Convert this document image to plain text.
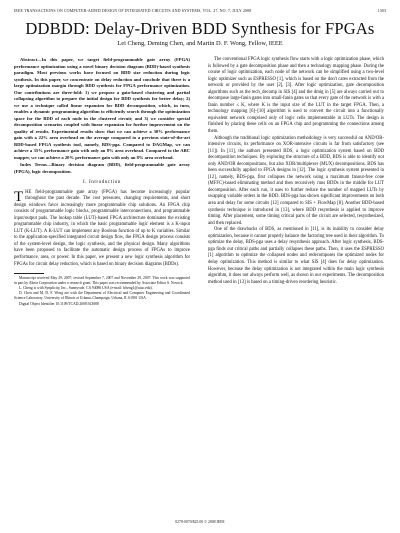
IEEE TRANSACTIONS ON COMPUTER-AIDED DESIGN OF INTEGRATED CIRCUITS AND SYSTEMS, VOL. 27, NO. 7, JULY 2008	1303
DDBDD: Delay-Driven BDD Synthesis for FPGAs
Lei Cheng, Deming Chen, and Martin D. F. Wong, Fellow, IEEE

Abstract—In this paper, we target field-programmable gate array (FPGA) performance optimization using a novel binary decision diagram (BDD)-based synthesis paradigm. Most previous works have focused on BDD size reduction during logic synthesis. In this paper, we concentrate on delay reduction and conclude that there is a large optimization margin through BDD synthesis for FPGA performance optimization. Our contributions are three-fold: 1) we propose a gain-based clustering and partial collapsing algorithm to prepare the initial design for BDD synthesis for better delay; 2) we use a technique called linear expansion for BDD decomposition, which, in turn, enables a dynamic programming algorithm to efficiently search through the optimization space for the BDD of each node in the clustered circuit; and 3) we consider special decomposition scenarios coupled with linear expansion for further improvement on the quality of results. Experimental results show that we can achieve a 30% performance gain with a 22% area overhead on the average compared to a previous state-of-the-art BDD-based FPGA synthesis tool, namely, BDS-pga. Compared to DAGMap, we can achieve a 35% performance gain with only an 8% area overhead. Compared to the ABC mapper, we can achieve a 20% performance gain with only an 8% area overhead.

Index Terms—Binary decision diagram (BDD), field-programmable gate array (FPGA), logic decomposition.

I. Introduction

T HE field-programmable gate array (FPGA) has become increasingly popular throughout the past decade. The cost pressures, changing requirements, and short design windows favor increasingly more programmable chip solutions. An FPGA chip consists of programmable logic blocks, programmable interconnections, and programmable input/output pads. The lookup table (LUT)-based FPGA architecture dominates the existing programmable chip industry, in which the basic programmable logic element is a K-input LUT (K-LUT). A K-LUT can implement any Boolean function of up to K variables. Similar to the application-specified integrated circuit design flow, the FPGA design process consists of the system-level design, the logic synthesis, and the physical design. Many algorithms have been proposed to facilitate the automatic design process of FPGAs to improve performance, area, or power. In this paper, we present a new logic synthesis algorithm for FPGAs for circuit delay reduction, which is based on binary decision diagrams (BDDs).

Manuscript received May 29, 2007; revised September 7, 2007 and November 29, 2007. This work was supported in part by Altera Corporation under a research grant. This paper was recommended by Associate Editor S. Nowick.

L. Cheng is with Synplicity, Inc., Sunnyvale, CA 94086 USA (e-mail: lcheng1@uiuc.edu).

D. Chen and M. D. F. Wong are with the Department of Electrical and Computer Engineering and Coordinated Science Laboratory, University of Illinois at Urbana–Champaign, Urbana, IL 61801 USA.

Digital Object Identifier 10.1109/TCAD.2008.923088

The conventional FPGA logic synthesis flow starts with a logic optimization phase, which is followed by a gate decomposition phase and then a technology mapping phase. During the course of logic optimization, each node of the network can be simplified using a two-level logic optimizer such as ESPRESSO [1], which is based on the don't cares extracted from the network or provided by the user [2], [3]. After logic optimization, gate decomposition algorithms such as the tech_decomp in SIS [4] and the dmig in [5] are always carried out to decompose large-fanin gates into small-fanin gates so that every gate of the network is with a fanin number ≤ K, where K is the input size of the LUT in the target FPGA. Then, a technology mapping [6]–[10] algorithm is used to convert the circuit into a functionally equivalent network comprised only of logic cells implementable in LUTs. The design is finished by placing these cells on an FPGA chip and programming the connections among them.

Although the traditional logic optimization methodology is very successful on AND/OR-intensive circuits, its performance on XOR-intensive circuits is far from satisfactory (see [11]). In [11], the authors presented BDS, a logic optimization system based on BDD decomposition techniques. By exploring the structure of a BDD, BDS is able to identify not only AND/OR decompositions, but also XOR/multiplexer (MUX) decompositions. BDS has been successfully applied to FPGA designs in [12]. The logic synthesis system presented in [12], namely, BDS-pga, first collapses the network using a maximum fanout-free cone (MFFC)-based eliminating method and then recursively runs BDDs in the middle for LUT decomposition. After each run, it uses to further reduce the number of mapped LUTs by swapping variable orders in the BDD. BDS-pga has shown significant improvements on both area and delay for some circuits [12] compared to SIS + FlowMap [8]. Another BDD-based synthesis technique is introduced in [13], where BDD resynthesis is applied to improve timing. After placement, some timing critical parts of the circuit are selected, resynthesized, and then replaced.

One of the drawbacks of BDS, as mentioned in [11], is its inability to consider delay optimization, because it cannot properly balance the factoring tree used in their algorithm. To optimize the delay, BDS-pga uses a delay resynthesis approach. After logic synthesis, BDS-pga finds out critical paths and partially collapses these paths. Then, it uses the ESPRESSO [1] algorithm to optimize the collapsed nodes and redecomposes the optimized nodes for delay optimization. This method is similar to what SIS [4] does for delay optimization. However, because the delay optimization is not integrated within the main logic synthesis algorithm, it does not always perform well, as shown in our experiments. The decomposition method used in [13] is based on a timing-driven reordering heuristic.

0278-0070/$25.00 © 2008 IEEE
